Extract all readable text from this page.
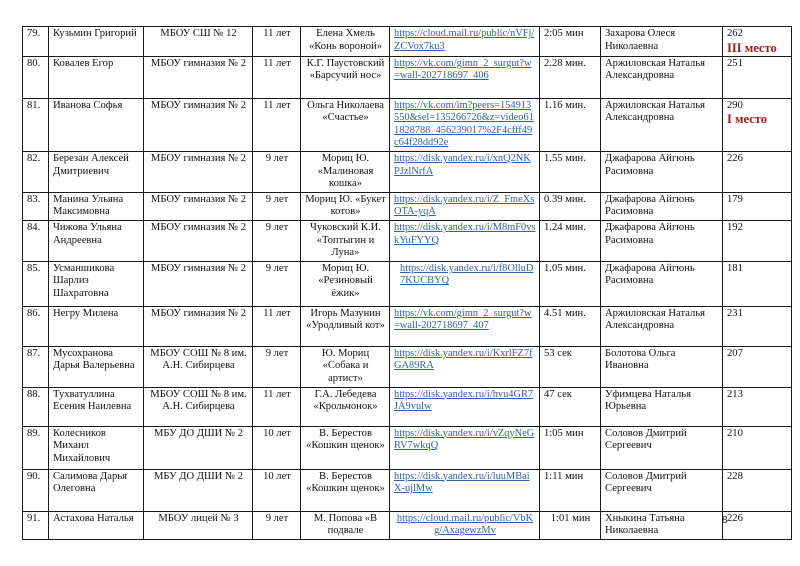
79.	Кузьмин Григорий	МБОУ СШ № 12	11 лет	Елена Хмель «Конь вороной»	https://cloud.mail.ru/public/nVFj/ZCVox7ku3	2:05 мин	Захарова Олеся Николаевна	262
III место

80.	Ковалев Егор	МБОУ гимназия № 2	11 лет	К.Г. Паустовский «Барсучий нос»	https://vk.com/gimn_2_surgut?w=wall-202718697_406	2.28 мин.	Аржиловская Наталья Александровна	251
81.	Иванова Софья	МБОУ гимназия № 2	11 лет	Ольга Николаева «Счастье»	https://vk.com/im?peers=154913550&sel=135266726&z=video611828788_456239017%2F4cfff49c64f28dd92e	1.16 мин.	Аржиловская Наталья Александровна	290
I место

82.	Березан Алексей Дмитриевич	МБОУ гимназия № 2	9 лет	Мориц Ю. «Малиновая кошка»	https://disk.yandex.ru/i/xnQ2NKPJzlNrfA	1.55 мин.	Джафарова Айгюнь Расимовна	226
83.	Манина Ульяна Максимовна	МБОУ гимназия № 2	9 лет	Мориц Ю. «Букет котов»	https://disk.yandex.ru/i/Z_FmeXsOTA-yqA	0.39 мин.	Джафарова Айгюнь Расимовна	179
84.	Чижова Ульяна Андреевна	МБОУ гимназия № 2	9 лет	Чуковский К.И. «Топтыгин и Луна»	https://disk.yandex.ru/i/M8mF0vskYuFYYQ	1.24 мин.	Джафарова Айгюнь Расимовна	192
85.	Усманшикова Шарлиз Шахратовна	МБОУ гимназия № 2	9 лет	Мориц Ю. «Резиновый ёжик»	https://disk.yandex.ru/i/f8OlluD7KUCBYQ	1.05 мин.	Джафарова Айгюнь Расимовна	181
86.	Негру Милена	МБОУ гимназия № 2	11 лет	Игорь Мазунин «Уродливый кот»	https://vk.com/gimn_2_surgut?w=wall-202718697_407	4.51 мин.	Аржиловская Наталья Александровна	231
87.	Мусохранова Дарья Валерьевна	МБОУ СОШ № 8 им. А.Н. Сибирцева	9 лет	Ю. Мориц «Собака и артист»	https://disk.yandex.ru/i/KxrlFZ7fGA89RA	53 сек	Болотова Ольга Ивановна	207
88.	Тухватуллина Есения Наилевна	МБОУ СОШ № 8 им. А.Н. Сибирцева	11 лет	Г.А. Лебедева «Крольчонок»	https://disk.yandex.ru/i/hvu4GR7JA9vulw	47 сек	Уфимцева Наталья Юрьевна	213
89.	Колесников Михаил Михайлович	МБУ ДО ДШИ № 2	10 лет	В. Берестов «Кошкин щенок»	https://disk.yandex.ru/i/vZqyNeGRV7wkqQ	1:05 мин	Соловов Дмитрий Сергеевич	210
90.	Салимова Дарья Олеговна	МБУ ДО ДШИ № 2	10 лет	В. Берестов «Кошкин щенок»	https://disk.yandex.ru/i/luuMBaiX-ujlMw	1:11 мин	Соловов Дмитрий Сергеевич	228
91.	Астахова Наталья	МБОУ лицей № 3	9 лет	М. Попова «В подвале	https://cloud.mail.ru/public/VbKg/AxagewzMv	1:01 мин	Хныкина Татьяна Николаевна	226
8
